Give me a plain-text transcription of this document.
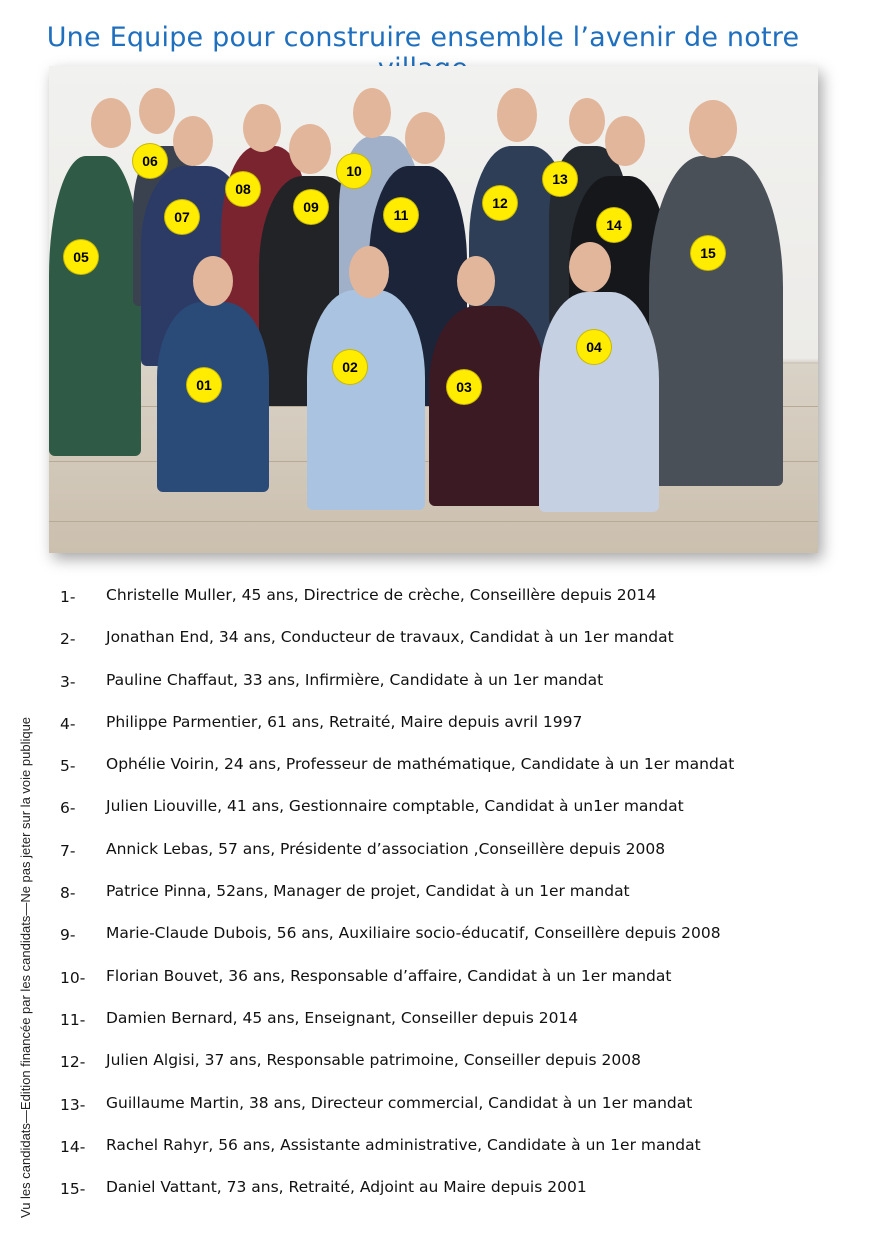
Une Equipe pour construire ensemble l’avenir de notre
01
02
03
04
05
06
07
08
09
10
11
12
13
14
15
1-	Christelle Muller, 45 ans, Directrice de crèche, Conseillère depuis 2014
2-	Jonathan End, 34 ans, Conducteur de travaux, Candidat à un 1er mandat
3-	Pauline Chaffaut, 33 ans, Infirmière, Candidate à un 1er mandat
4-	Philippe Parmentier, 61 ans, Retraité, Maire depuis avril 1997
5-	Ophélie Voirin, 24 ans, Professeur de mathématique, Candidate à un 1er mandat
6-	Julien Liouville, 41 ans, Gestionnaire comptable, Candidat à un1er mandat
7-	Annick Lebas, 57 ans, Présidente d’association ,Conseillère depuis 2008
8-	Patrice Pinna, 52ans, Manager de projet, Candidat à un 1er mandat
9-	Marie-Claude Dubois, 56 ans, Auxiliaire socio-éducatif, Conseillère depuis 2008
10-	Florian Bouvet, 36 ans, Responsable d’affaire, Candidat à un 1er mandat
11-	Damien Bernard, 45 ans, Enseignant, Conseiller depuis 2014
12-	Julien Algisi, 37 ans, Responsable patrimoine, Conseiller depuis 2008
13-	Guillaume Martin, 38 ans, Directeur commercial, Candidat à un 1er mandat
14-	Rachel Rahyr, 56 ans, Assistante administrative, Candidate à un 1er mandat
15-	Daniel Vattant, 73 ans, Retraité, Adjoint au Maire depuis 2001
Vu les candidats—Edition financée par les candidats—Ne pas jeter sur la voie publique
